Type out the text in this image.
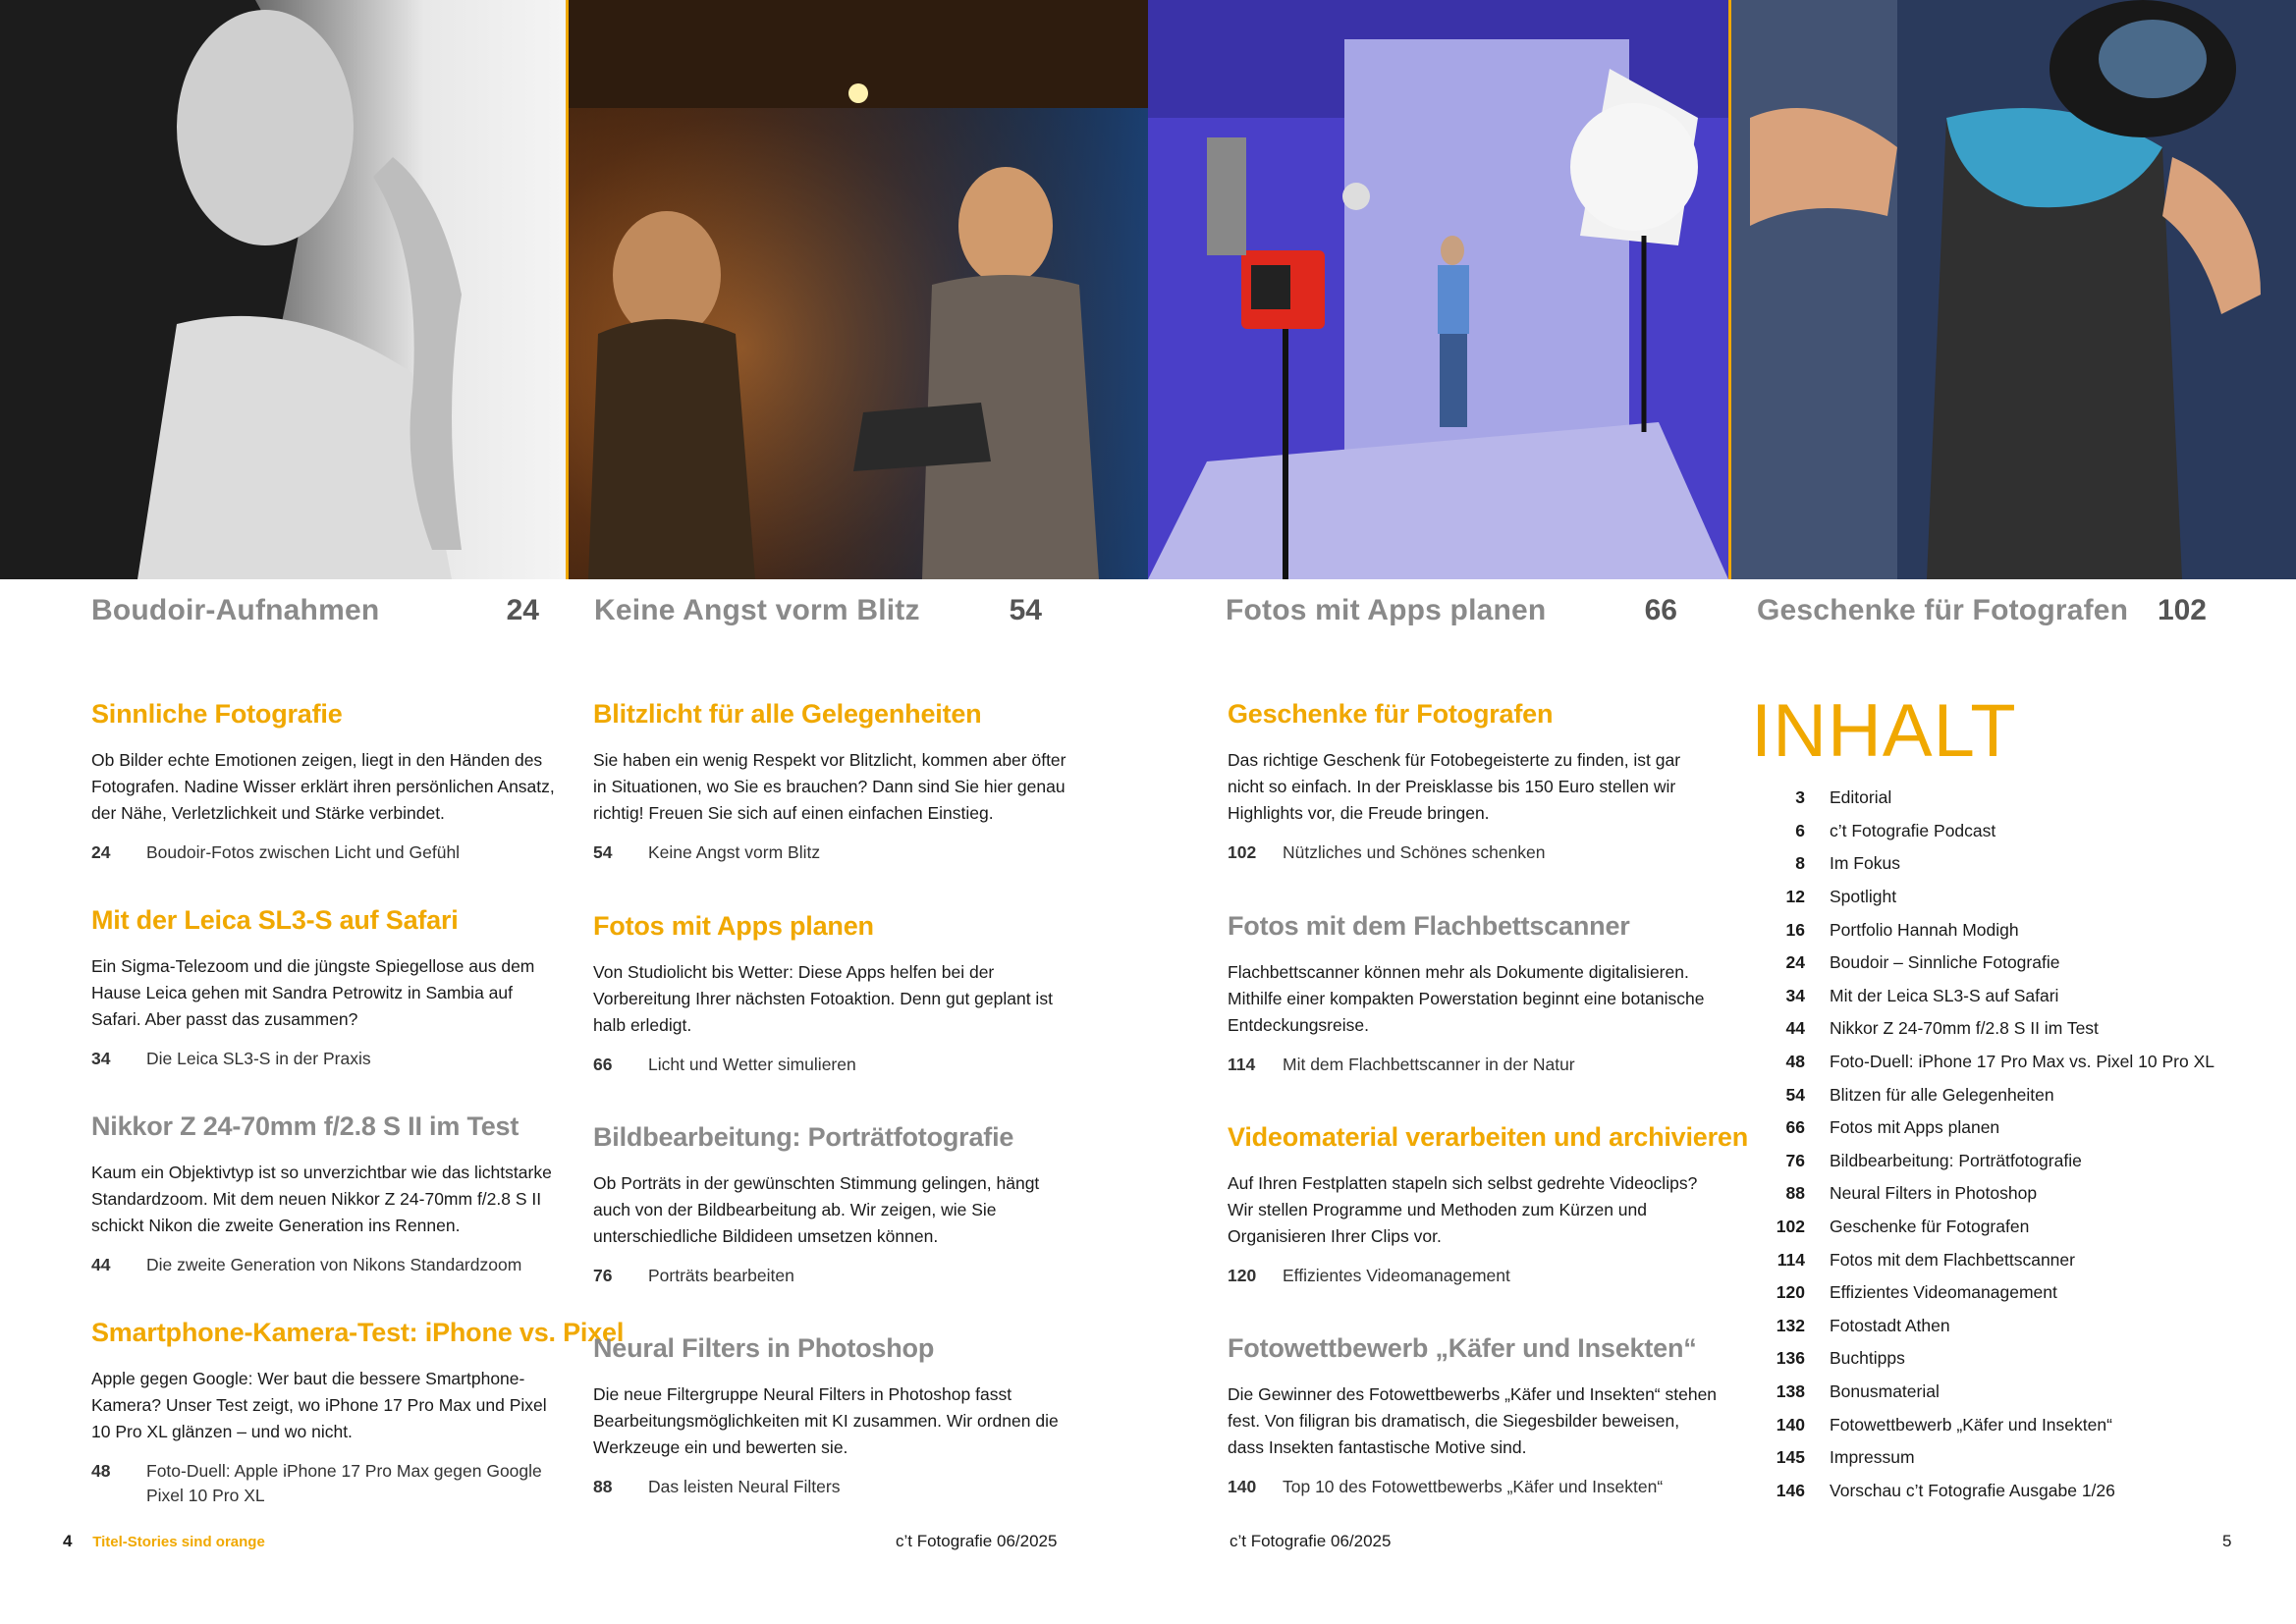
Boudoir-Aufnahmen	24 Keine Angst vorm Blitz	54	Fotos mit Apps planen	66	Geschenke für Fotografen 102
Sinnliche Fotografie

Ob Bilder echte Emotionen zeigen, liegt in den Händen des Fotografen. Nadine Wisser erklärt ihren persönlichen Ansatz, der Nähe, Verletzlichkeit und Stärke verbindet.

24	Boudoir-Fotos zwischen Licht und Gefühl
Mit der Leica SL3-S auf Safari

Ein Sigma-Telezoom und die jüngste Spiegellose aus dem Hause Leica gehen mit Sandra Petrowitz in Sambia auf Safari. Aber passt das zusammen?

34	Die Leica SL3-S in der Praxis
Nikkor Z 24-70mm f/2.8 S II im Test

Kaum ein Objektivtyp ist so unverzichtbar wie das lichtstarke Standardzoom. Mit dem neuen Nikkor Z 24-70mm f/2.8 S II schickt Nikon die zweite Generation ins Rennen.

44	Die zweite Generation von Nikons Standardzoom
Smartphone-Kamera-Test: iPhone vs. Pixel

Apple gegen Google: Wer baut die bessere Smartphone-Kamera? Unser Test zeigt, wo iPhone 17 Pro Max und Pixel 10 Pro XL glänzen – und wo nicht.

48	Foto-Duell: Apple iPhone 17 Pro Max gegen Google Pixel 10 Pro XL
Blitzlicht für alle Gelegenheiten

Sie haben ein wenig Respekt vor Blitzlicht, kommen aber öfter in Situationen, wo Sie es brauchen? Dann sind Sie hier genau richtig! Freuen Sie sich auf einen einfachen Einstieg.

54	Keine Angst vorm Blitz
Fotos mit Apps planen

Von Studiolicht bis Wetter: Diese Apps helfen bei der Vorbereitung Ihrer nächsten Fotoaktion. Denn gut geplant ist halb erledigt.

66	Licht und Wetter simulieren
Bildbearbeitung: Porträtfotografie

Ob Porträts in der gewünschten Stimmung gelingen, hängt auch von der Bildbearbeitung ab. Wir zeigen, wie Sie unterschiedliche Bildideen umsetzen können.

76	Porträts bearbeiten
Neural Filters in Photoshop

Die neue Filtergruppe Neural Filters in Photoshop fasst Bearbeitungsmöglichkeiten mit KI zusammen. Wir ordnen die Werkzeuge ein und bewerten sie.

88	Das leisten Neural Filters
Geschenke für Fotografen

Das richtige Geschenk für Fotobegeisterte zu finden, ist gar nicht so einfach. In der Preisklasse bis 150 Euro stellen wir Highlights vor, die Freude bringen.

102	Nützliches und Schönes schenken
Fotos mit dem Flachbettscanner

Flachbettscanner können mehr als Dokumente digitalisieren. Mithilfe einer kompakten Powerstation beginnt eine botanische Entdeckungsreise.

114	Mit dem Flachbettscanner in der Natur
Videomaterial verarbeiten und archivieren

Auf Ihren Festplatten stapeln sich selbst gedrehte Videoclips? Wir stellen Programme und Methoden zum Kürzen und Organisieren Ihrer Clips vor.

120	Effizientes Videomanagement
Fotowettbewerb „Käfer und Insekten“

Die Gewinner des Fotowettbewerbs „Käfer und Insekten“ stehen fest. Von filigran bis dramatisch, die Siegesbilder beweisen, dass Insekten fantastische Motive sind.

140	Top 10 des Fotowettbewerbs „Käfer und Insekten“
INHALT
3	Editorial
6	c’t Fotografie Podcast
8	Im Fokus
12	Spotlight
16	Portfolio Hannah Modigh
24	Boudoir – Sinnliche Fotografie
34	Mit der Leica SL3-S auf Safari
44	Nikkor Z 24-70mm f/2.8 S II im Test
48	Foto-Duell: iPhone 17 Pro Max vs. Pixel 10 Pro XL
54	Blitzen für alle Gelegenheiten
66	Fotos mit Apps planen
76	Bildbearbeitung: Porträtfotografie
88	Neural Filters in Photoshop
102	Geschenke für Fotografen
114	Fotos mit dem Flachbettscanner
120	Effizientes Videomanagement
132	Fotostadt Athen
136	Buchtipps
138	Bonusmaterial
140	Fotowettbewerb „Käfer und Insekten“
145	Impressum
146	Vorschau c’t Fotografie Ausgabe 1/26
4 Titel-Stories sind orange	c’t Fotografie 06/2025	c’t Fotografie 06/2025	5
